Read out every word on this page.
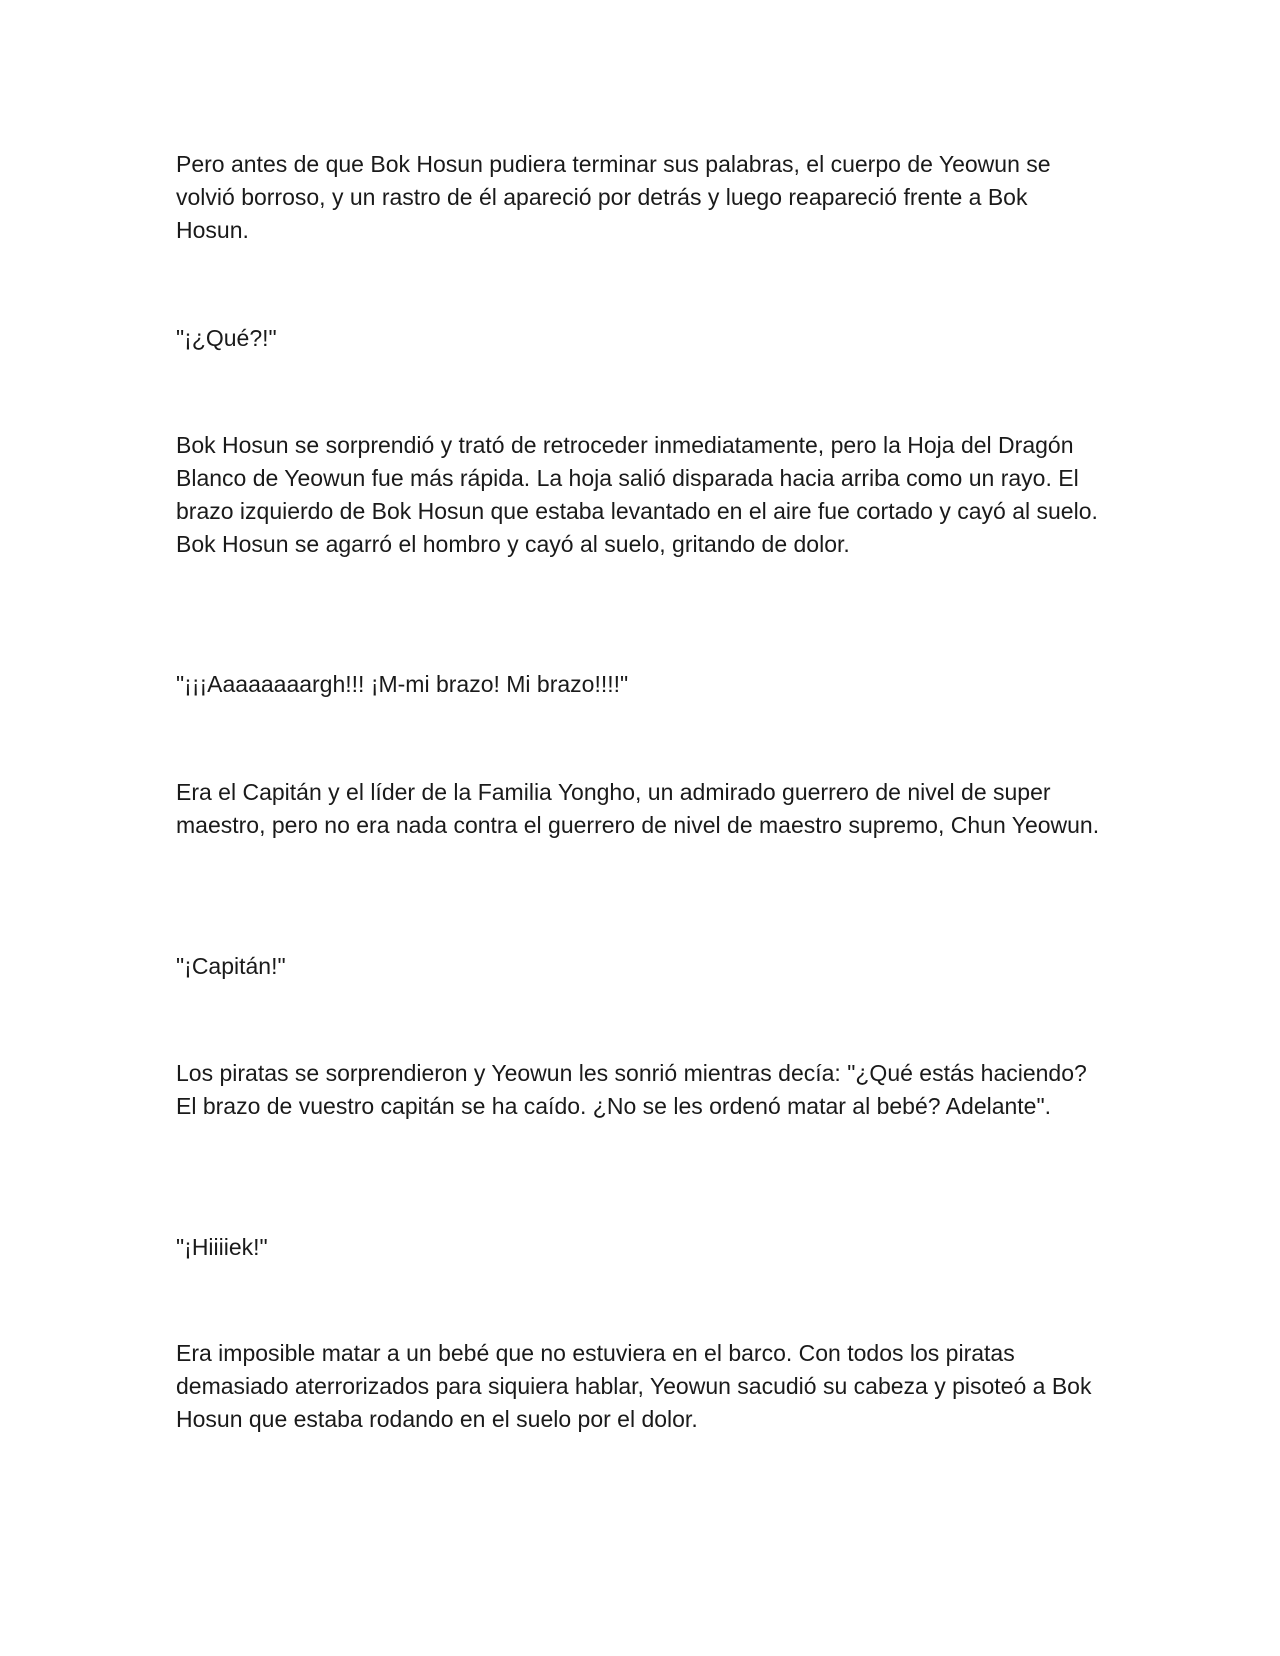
Pero antes de que Bok Hosun pudiera terminar sus palabras, el cuerpo de Yeowun se volvió borroso, y un rastro de él apareció por detrás y luego reapareció frente a Bok Hosun.

"¡¿Qué?!"

Bok Hosun se sorprendió y trató de retroceder inmediatamente, pero la Hoja del Dragón Blanco de Yeowun fue más rápida. La hoja salió disparada hacia arriba como un rayo. El brazo izquierdo de Bok Hosun que estaba levantado en el aire fue cortado y cayó al suelo. Bok Hosun se agarró el hombro y cayó al suelo, gritando de dolor.

"¡¡¡Aaaaaaaargh!!! ¡M-mi brazo! Mi brazo!!!!"

Era el Capitán y el líder de la Familia Yongho, un admirado guerrero de nivel de super maestro, pero no era nada contra el guerrero de nivel de maestro supremo, Chun Yeowun.

"¡Capitán!"

Los piratas se sorprendieron y Yeowun les sonrió mientras decía: "¿Qué estás haciendo? El brazo de vuestro capitán se ha caído. ¿No se les ordenó matar al bebé? Adelante".

"¡Hiiiiek!"

Era imposible matar a un bebé que no estuviera en el barco. Con todos los piratas demasiado aterrorizados para siquiera hablar, Yeowun sacudió su cabeza y pisoteó a Bok Hosun que estaba rodando en el suelo por el dolor.
